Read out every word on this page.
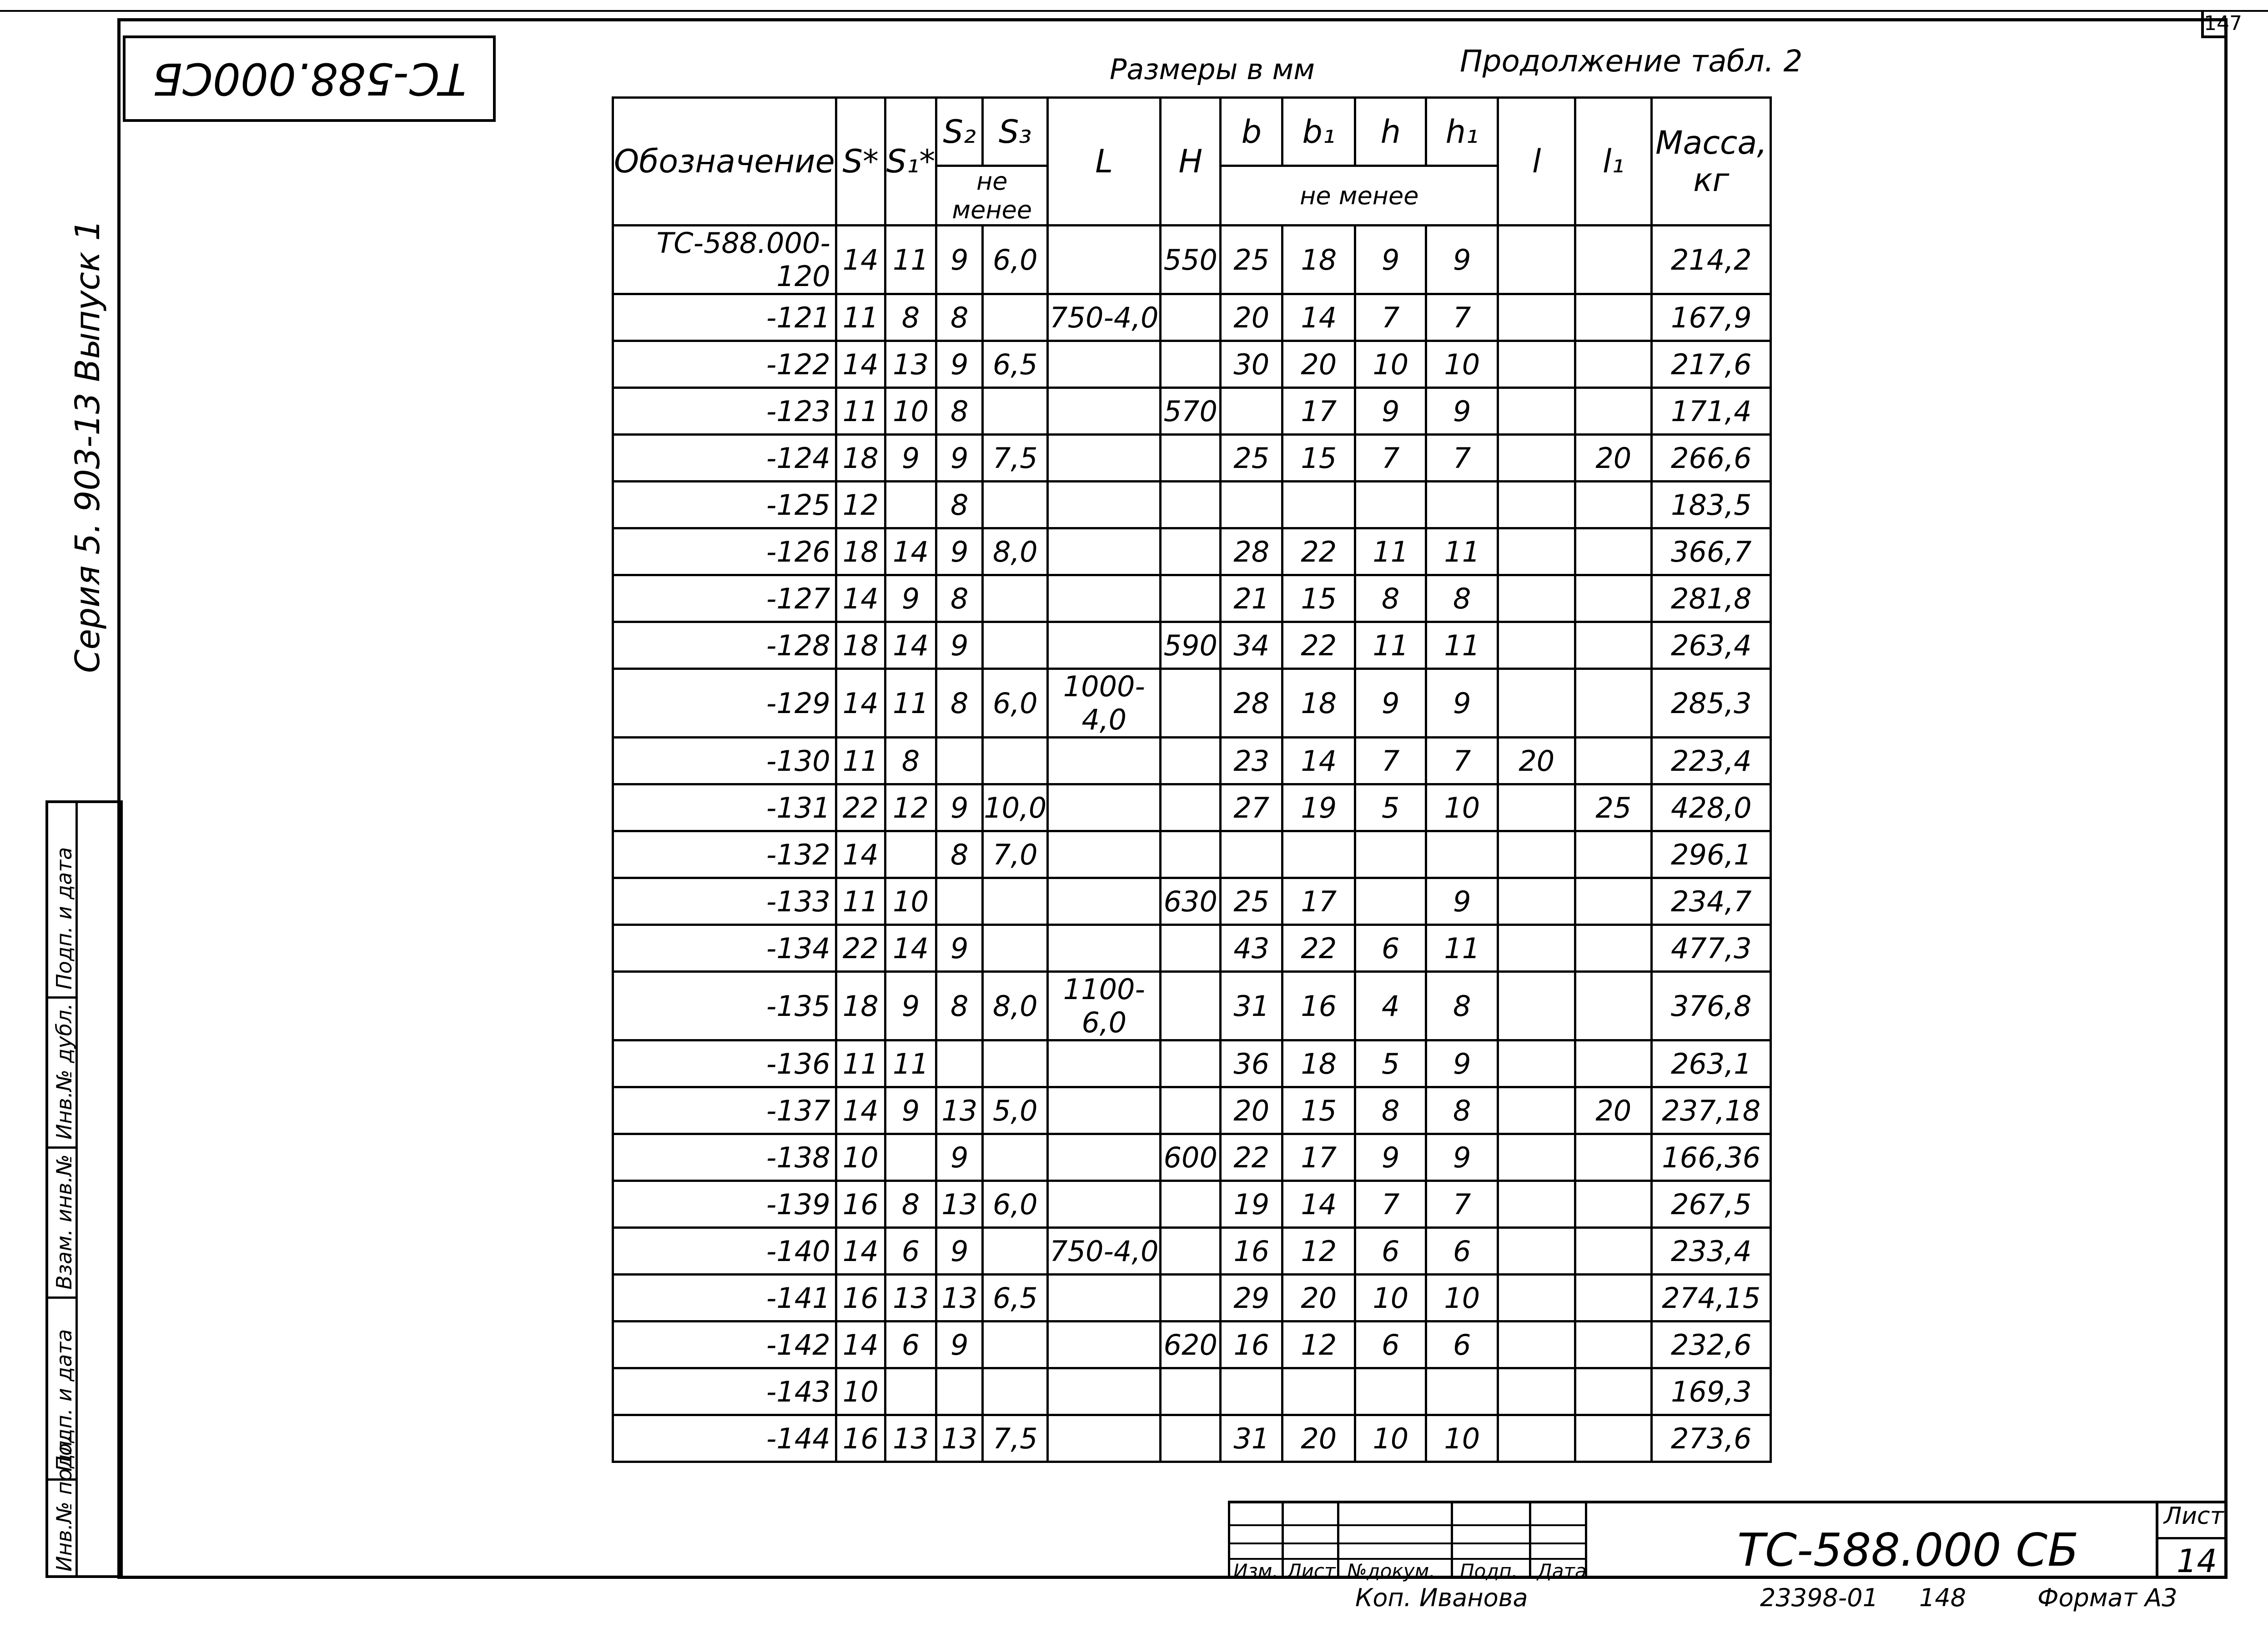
147
ТС-588.000СБ
Серия 5. 903-13 Выпуск 1
Подп. и дата
Инв.№ дубл.
Взам. инв.№
Подп. и дата
Инв.№ подл.
Размеры в мм	Продолжение табл. 2
Обозначение	S*	S₁*	S₂	S₃	L	H	b	b₁	h	h₁	l	l₁	Масса, кг
			не менее				не менее						
ТС-588.000-120	14	11	9	6,0		550	25	18	9	9			214,2
-121	11	8	8		750-4,0		20	14	7	7			167,9
-122	14	13	9	6,5			30	20	10	10			217,6
-123	11	10	8			570		17	9	9			171,4
-124	18	9	9	7,5			25	15	7	7		20	266,6
-125	12		8										183,5
-126	18	14	9	8,0			28	22	11	11			366,7
-127	14	9	8				21	15	8	8			281,8
-128	18	14	9			590	34	22	11	11			263,4
-129	14	11	8	6,0	1000-4,0		28	18	9	9			285,3
-130	11	8					23	14	7	7	20		223,4
-131	22	12	9	10,0			27	19	5	10		25	428,0
-132	14		8	7,0									296,1
-133	11	10				630	25	17		9			234,7
-134	22	14	9				43	22	6	11			477,3
-135	18	9	8	8,0	1100-6,0		31	16	4	8			376,8
-136	11	11					36	18	5	9			263,1
-137	14	9	13	5,0			20	15	8	8		20	237,18
-138	10		9			600	22	17	9	9			166,36
-139	16	8	13	6,0			19	14	7	7			267,5
-140	14	6	9		750-4,0		16	12	6	6			233,4
-141	16	13	13	6,5			29	20	10	10			274,15
-142	14	6	9			620	16	12	6	6			232,6
-143	10												169,3
-144	16	13	13	7,5			31	20	10	10			273,6
Изм. Лист №докум. Подп. Дата	ТС-588.000 СБ
Лист
14
Коп. Иванова	23398-01 148	Формат А3
